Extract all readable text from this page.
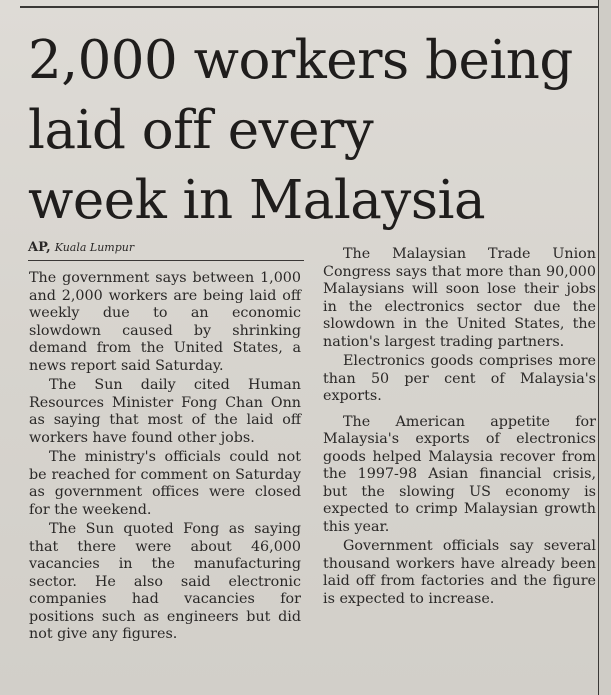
2,000 workers being
laid off every
week in Malaysia
AP, Kuala Lumpur

The government says between 1,000 and 2,000 workers are being laid off weekly due to an economic slowdown caused by shrinking demand from the United States, a news report said Saturday.

The Sun daily cited Human Resources Minister Fong Chan Onn as saying that most of the laid off workers have found other jobs.

The ministry's officials could not be reached for comment on Saturday as government offices were closed for the weekend.

The Sun quoted Fong as saying that there were about 46,000 vacancies in the manufacturing sector. He also said electronic companies had vacancies for positions such as engineers but did not give any figures.

The Malaysian Trade Union Congress says that more than 90,000 Malaysians will soon lose their jobs in the electronics sector due the slowdown in the United States, the nation's largest trading partners.

Electronics goods comprises more than 50 per cent of Malaysia's exports.

The American appetite for Malaysia's exports of electronics goods helped Malaysia recover from the 1997-98 Asian financial crisis, but the slowing US economy is expected to crimp Malaysian growth this year.

Government officials say several thousand workers have already been laid off from factories and the figure is expected to increase.
